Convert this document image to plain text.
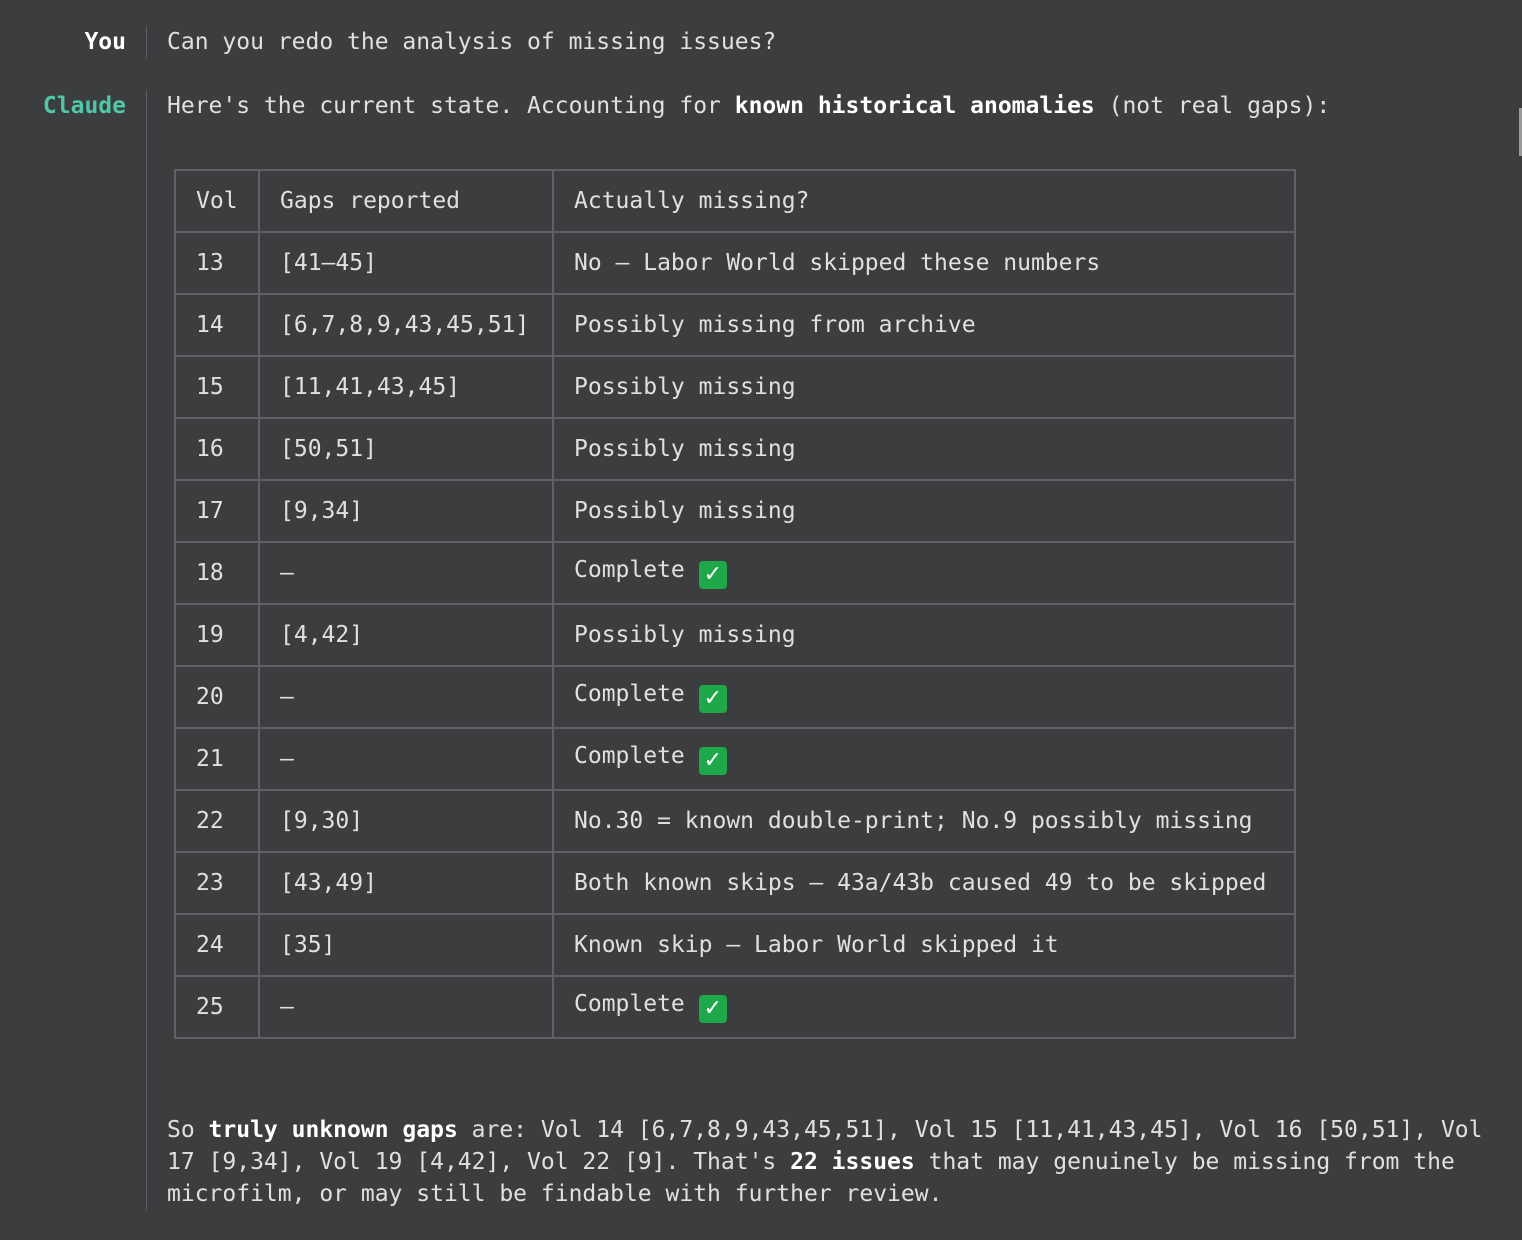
You Can you redo the analysis of missing issues?
Claude Here's the current state. Accounting for known historical anomalies (not real gaps):
Vol	Gaps reported	Actually missing?
13	[41–45]	No — Labor World skipped these numbers
14	[6,7,8,9,43,45,51]	Possibly missing from archive
15	[11,41,43,45]	Possibly missing
16	[50,51]	Possibly missing
17	[9,34]	Possibly missing
18	—	Complete ✓
19	[4,42]	Possibly missing
20	—	Complete ✓
21	—	Complete ✓
22	[9,30]	No.30 = known double-print; No.9 possibly missing
23	[43,49]	Both known skips — 43a/43b caused 49 to be skipped
24	[35]	Known skip — Labor World skipped it
25	—	Complete ✓
So truly unknown gaps are: Vol 14 [6,7,8,9,43,45,51], Vol 15 [11,41,43,45], Vol 16 [50,51], Vol 17 [9,34], Vol 19 [4,42], Vol 22 [9]. That's 22 issues that may genuinely be missing from the microfilm, or may still be findable with further review.
